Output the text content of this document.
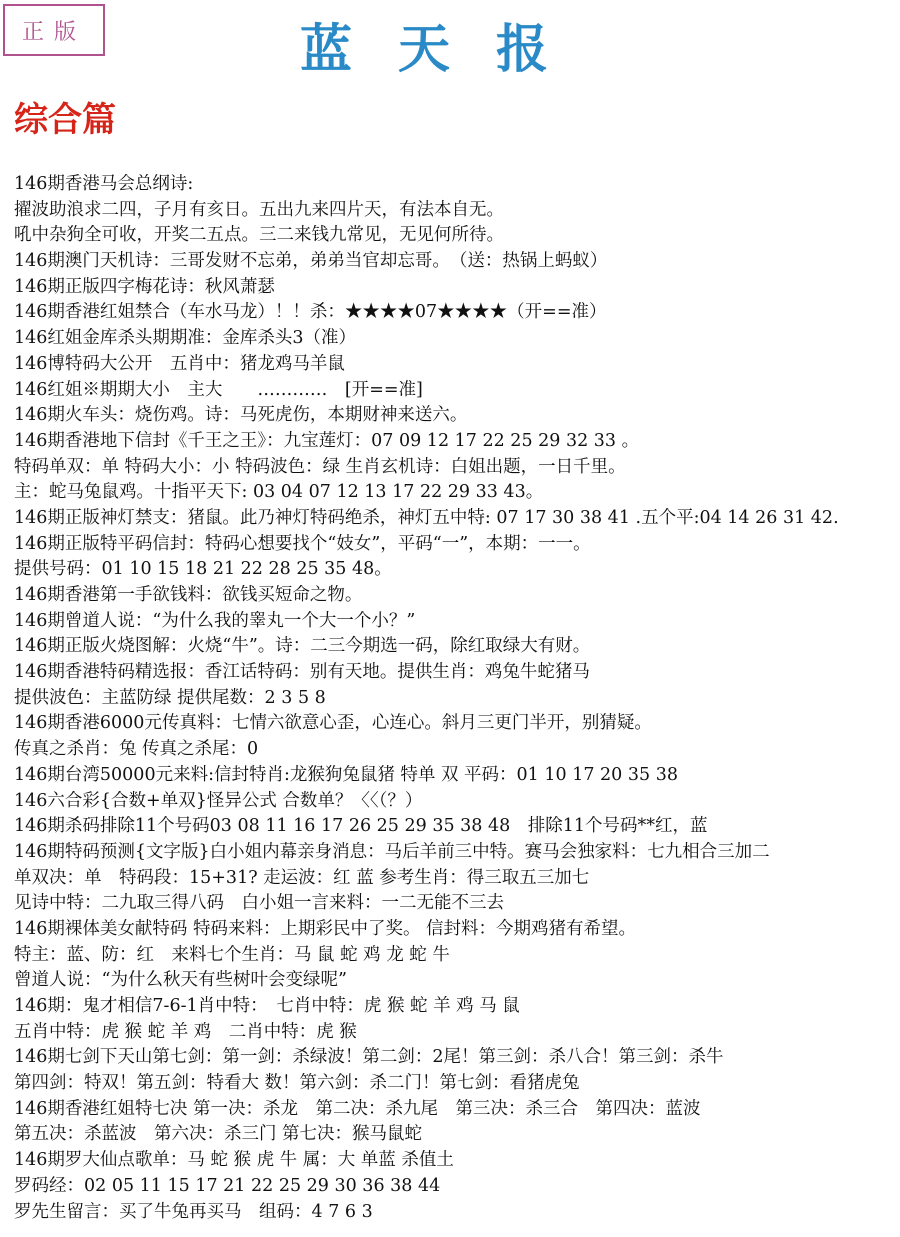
正版	蓝天报
综合篇
146期香港马会总纲诗:
擢波助浪求二四，子月有亥日。五出九来四片天，有法本自无。
吼中杂狗全可收，开奖二五点。三二来钱九常见，无见何所待。
146期澳门天机诗：三哥发财不忘弟，弟弟当官却忘哥。　（送：热锅上蚂蚁）
146期正版四字梅花诗：秋风萧瑟
146期香港红姐禁合（车水马龙）！！杀：★★★★07★★★★（开==准）
146红姐金库杀头期期准：金库杀头3（准）
146博特码大公开　五肖中：猪龙鸡马羊鼠
146红姐※期期大小　主大　　…………　[开==准]
146期火车头：烧伤鸡。诗：马死虎伤，本期财神来送六。
146期香港地下信封《千王之王》：九宝莲灯：07 09 12 17 22 25 29 32 33 。
特码单双：单 特码大小：小 特码波色：绿 生肖玄机诗：白姐出题，一日千里。
主：蛇马兔鼠鸡。十指平天下: 03 04 07 12 13 17 22 29 33 43。
146期正版神灯禁支：猪鼠。此乃神灯特码绝杀，神灯五中特: 07 17 30 38 41 .五个平:04 14 26 31 42.
146期正版特平码信封：特码心想要找个“妓女”，平码“一”，本期：一一。
提供号码：01 10 15 18 21 22 28 25 35 48。
146期香港第一手欲钱料：欲钱买短命之物。
146期曾道人说：“为什么我的睾丸一个大一个小？”
146期正版火烧图解：火烧“牛”。诗：二三今期选一码，除红取绿大有财。
146期香港特码精选报：香江话特码：别有天地。提供生肖：鸡兔牛蛇猪马
提供波色：主蓝防绿 提供尾数：2 3 5 8
146期香港6000元传真料：七情六欲意心歪，心连心。斜月三更门半开，别猜疑。
传真之杀肖：兔 传真之杀尾：0
146期台湾50000元来料:信封特肖:龙猴狗兔鼠猪 特单 双 平码：01 10 17 20 35 38
146六合彩{合数+单双}怪异公式 合数单？〈〈（？）
146期杀码排除11个号码03 08 11 16 17 26 25 29 35 38 48　排除11个号码**红，蓝
146期特码预测{文字版}白小姐内幕亲身消息：马后羊前三中特。赛马会独家料：七九相合三加二
单双决：单　特码段：15+31? 走运波：红 蓝 参考生肖：得三取五三加七
见诗中特：二九取三得八码　白小姐一言来料：一二无能不三去
146期裸体美女献特码 特码来料：上期彩民中了奖。 信封料：今期鸡猪有希望。
特主：蓝、防：红　来料七个生肖：马 鼠 蛇 鸡 龙 蛇 牛
曾道人说：“为什么秋天有些树叶会变绿呢”
146期：鬼才相信7-6-1肖中特：　七肖中特：虎 猴 蛇 羊 鸡 马 鼠
五肖中特：虎 猴 蛇 羊 鸡　二肖中特：虎 猴
146期七剑下天山第七剑：第一剑：杀绿波！第二剑：2尾！第三剑：杀八合！第三剑：杀牛
第四剑：特双！第五剑：特看大 数！第六剑：杀二门！第七剑：看猪虎兔
146期香港红姐特七决 第一决：杀龙　第二决：杀九尾　第三决：杀三合　第四决：蓝波
第五决：杀蓝波　第六决：杀三门 第七决：猴马鼠蛇
146期罗大仙点歌单：马 蛇 猴 虎 牛 属：大 单蓝 杀值土
罗码经：02 05 11 15 17 21 22 25 29 30 36 38 44
罗先生留言：买了牛兔再买马　组码：4 7 6 3
